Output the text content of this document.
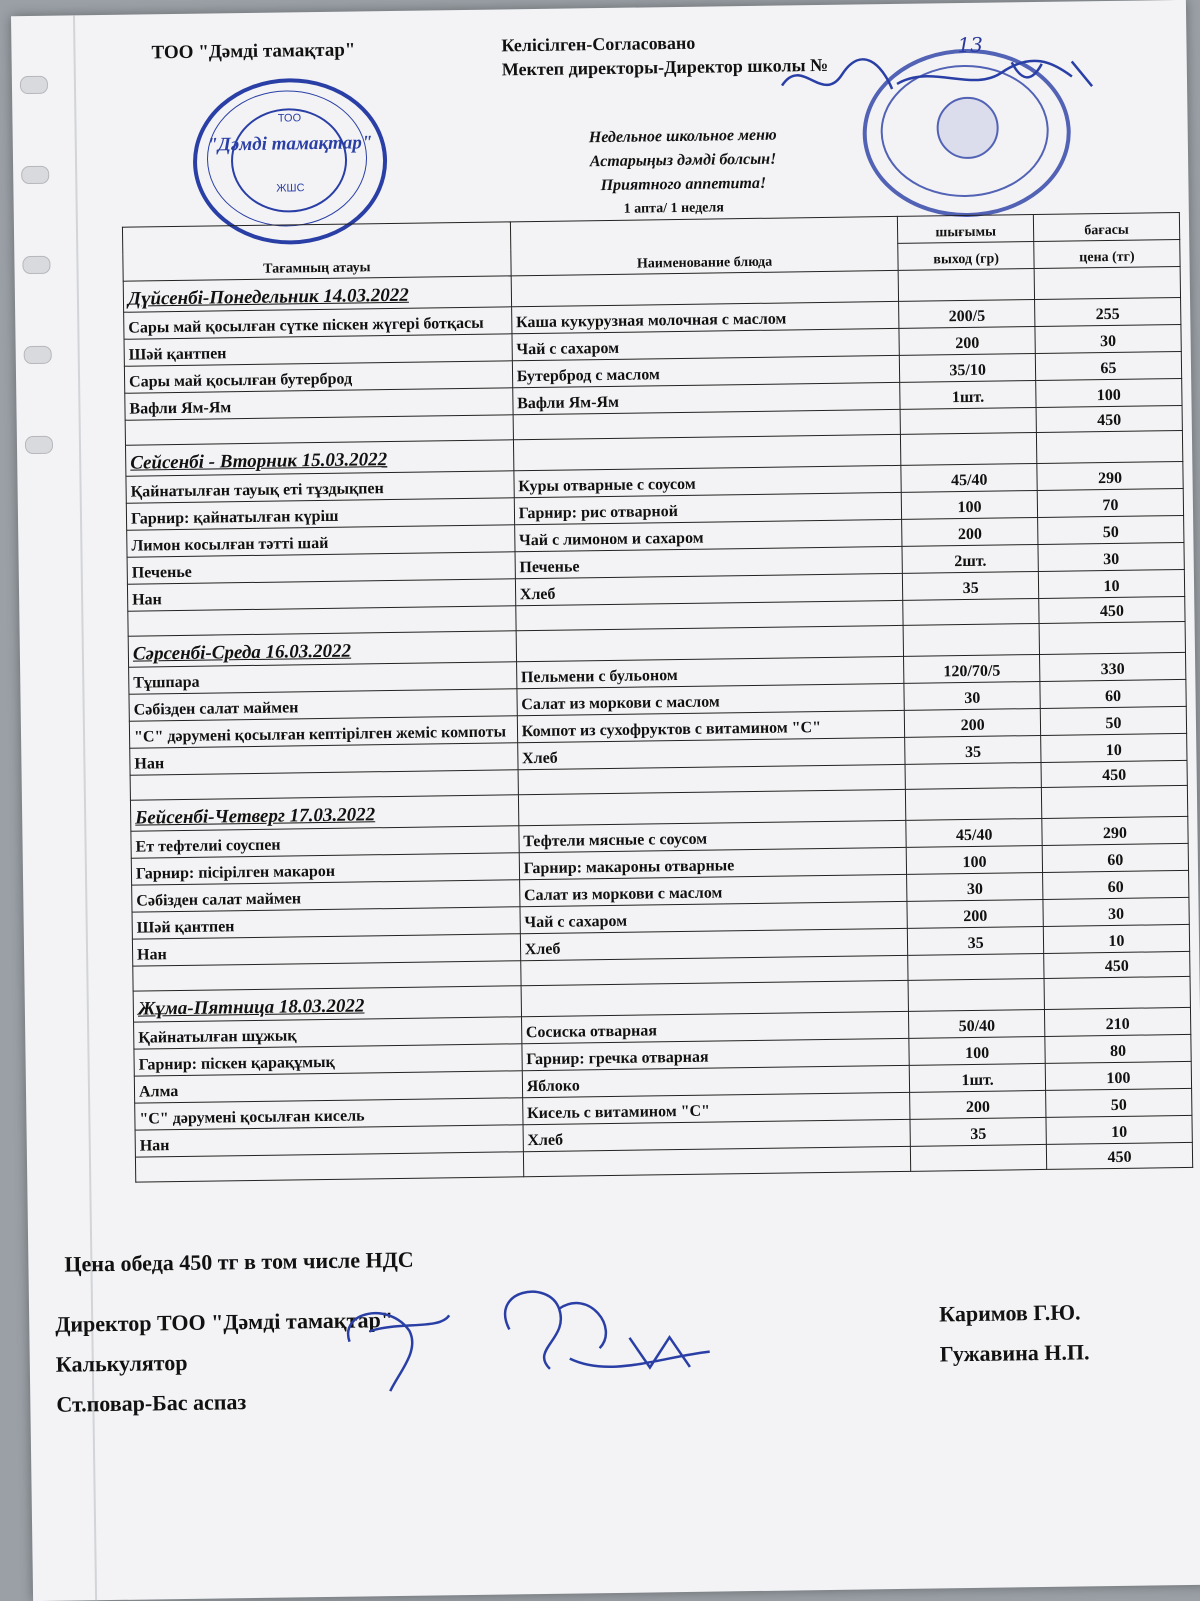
ТОО "Дәмді тамақтар"	Келісілген-Согласовано
Мектеп директоры-Директор школы №
13
ТОО
"Дәмді тамақтар"
ЖШС
Недельное школьное меню
Астарыңыз дәмді болсын!
Приятного аппетита!
1 апта/ 1 неделя
Тағамның атауы	Наименование блюда	шығымы	бағасы
		выход (гр)	цена (тг)
Дүйсенбі-Понедельник 14.03.2022			
Сары май қосылған сүтке піскен жүгері ботқасы	Каша кукурузная молочная с маслом	200/5	255
Шәй қантпен	Чай с сахаром	200	30
Сары май қосылған бутерброд	Бутерброд с маслом	35/10	65
Вафли Ям-Ям	Вафли Ям-Ям	1шт.	100
			450
Сейсенбі - Вторник 15.03.2022			
Қайнатылған тауық еті тұздықпен	Куры отварные с соусом	45/40	290
Гарнир: қайнатылған күріш	Гарнир: рис отварной	100	70
Лимон косылған тәтті шай	Чай с лимоном и сахаром	200	50
Печенье	Печенье	2шт.	30
Нан	Хлеб	35	10
			450
Сәрсенбі-Среда 16.03.2022			
Тұшпара	Пельмени с бульоном	120/70/5	330
Сәбізден салат маймен	Салат из моркови с маслом	30	60
"С" дәрумені қосылған кептірілген жеміс компоты	Компот из сухофруктов с витамином "С"	200	50
Нан	Хлеб	35	10
			450
Бейсенбі-Четверг 17.03.2022			
Ет тефтелиі соуспен	Тефтели мясные с соусом	45/40	290
Гарнир: пісірілген макарон	Гарнир: макароны отварные	100	60
Сәбізден салат маймен	Салат из моркови с маслом	30	60
Шәй қантпен	Чай с сахаром	200	30
Нан	Хлеб	35	10
			450
Жұма-Пятница 18.03.2022			
Қайнатылған шұжық	Сосиска отварная	50/40	210
Гарнир: піскен қарақұмық	Гарнир: гречка отварная	100	80
Алма	Яблоко	1шт.	100
"С" дәрумені қосылған кисель	Кисель с витамином "С"	200	50
Нан	Хлеб	35	10
			450
Цена обеда 450 тг в том числе НДС
Директор ТОО "Дәмді тамақтар"
Калькулятор
Ст.повар-Бас аспаз
Каримов Г.Ю.
Гужавина Н.П.
